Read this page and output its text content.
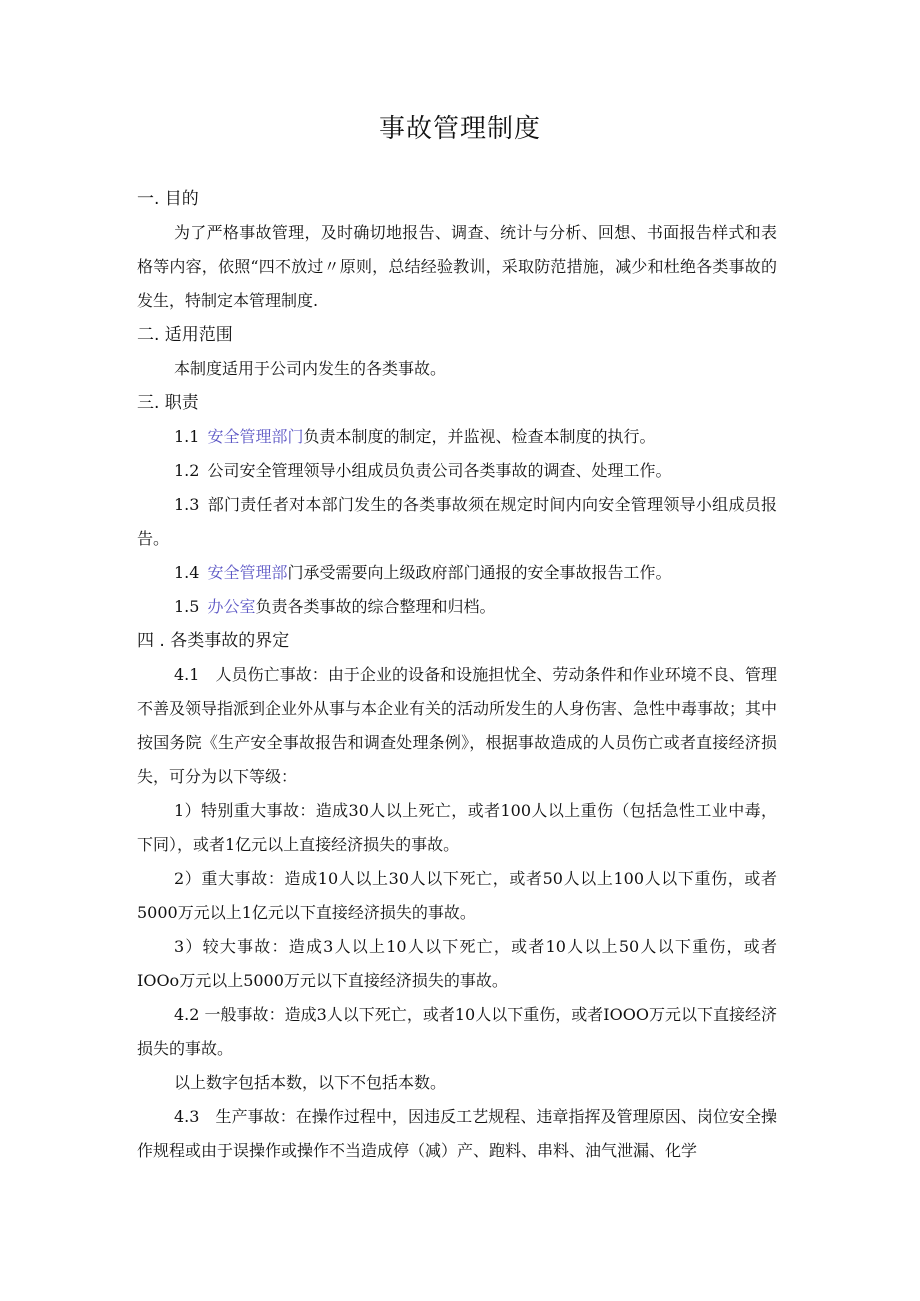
事故管理制度
一. 目的

为了严格事故管理，及时确切地报告、调查、统计与分析、回想、书面报告样式和表格等内容，依照“四不放过〃原则，总结经验教训，采取防范措施，减少和杜绝各类事故的发生，特制定本管理制度.

二. 适用范围

本制度适用于公司内发生的各类事故。

三. 职责

1.1 安全管理部门负责本制度的制定，并监视、检查本制度的执行。

1.2 公司安全管理领导小组成员负责公司各类事故的调查、处理工作。

1.3 部门责任者对本部门发生的各类事故须在规定时间内向安全管理领导小组成员报告。

1.4 安全管理部门承受需要向上级政府部门通报的安全事故报告工作。

1.5 办公室负责各类事故的综合整理和归档。

四 . 各类事故的界定

4.1　人员伤亡事故：由于企业的设备和设施担忧全、劳动条件和作业环境不良、管理不善及领导指派到企业外从事与本企业有关的活动所发生的人身伤害、急性中毒事故；其中按国务院《生产安全事故报告和调查处理条例》，根据事故造成的人员伤亡或者直接经济损失，可分为以下等级：

1）特别重大事故：造成30人以上死亡，或者100人以上重伤（包括急性工业中毒，下同），或者1亿元以上直接经济损失的事故。

2）重大事故：造成10人以上30人以下死亡，或者50人以上100人以下重伤，或者5000万元以上1亿元以下直接经济损失的事故。

3）较大事故：造成3人以上10人以下死亡，或者10人以上50人以下重伤，或者IOOo万元以上5000万元以下直接经济损失的事故。

4.2 一般事故：造成3人以下死亡，或者10人以下重伤，或者IOOO万元以下直接经济损失的事故。

以上数字包括本数，以下不包括本数。

4.3　生产事故：在操作过程中，因违反工艺规程、违章指挥及管理原因、岗位安全操作规程或由于误操作或操作不当造成停（减）产、跑料、串料、油气泄漏、化学
